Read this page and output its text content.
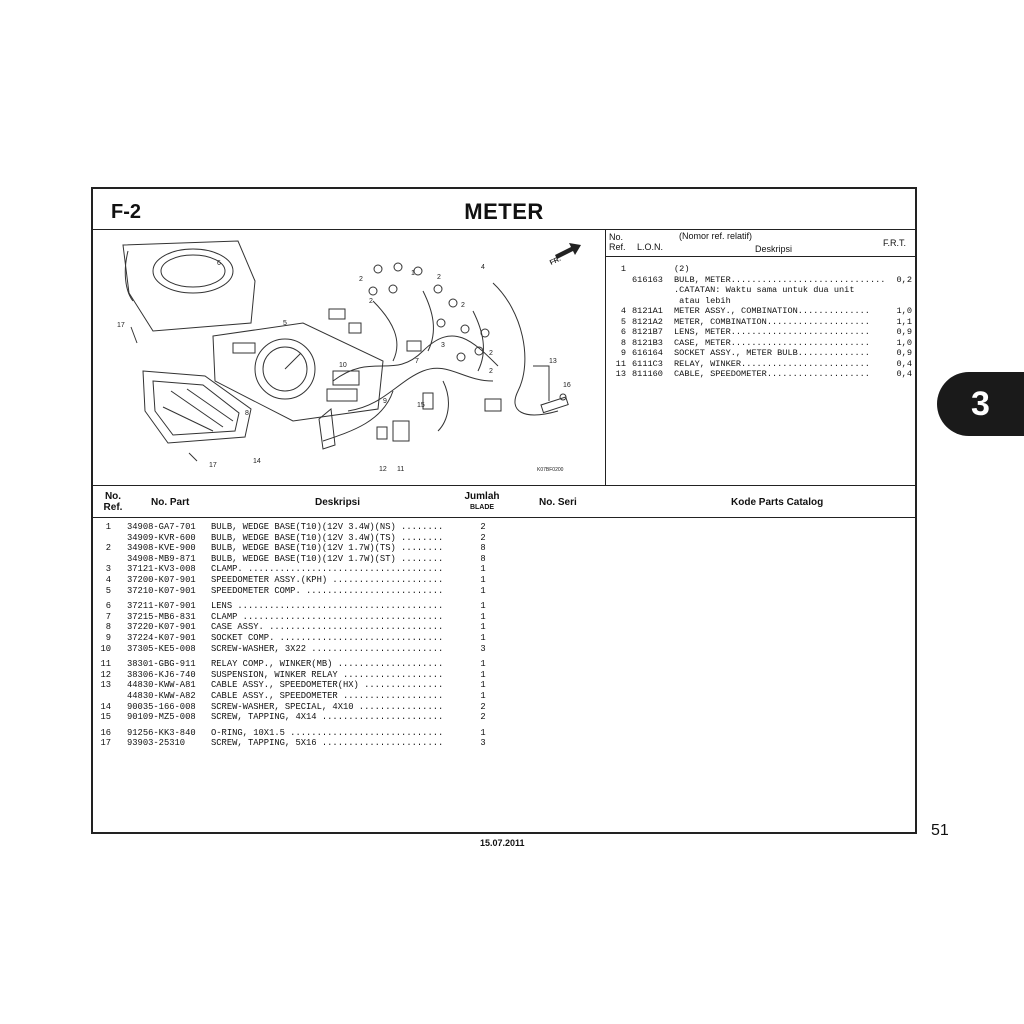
F-2	METER
6
2
1
2
4
FR.
2
2
2
17	5
3
10
7
2
13
16
9
15
8
14
17
12 11	K07BF0200
No.
Ref. L.O.N.
(Nomor ref. relatif)
Deskripsi
F.R.T.
1	(2)
616163 BULB, METER.............................. 0,2
.CATATAN: Waktu sama untuk dua unit
atau lebih
4 8121A1 METER ASSY., COMBINATION..............	1,0
5 8121A2 METER, COMBINATION....................	1,1
6 8121B7 LENS, METER...........................	0,9
8 8121B3 CASE, METER...........................	1,0
9 616164 SOCKET ASSY., METER BULB..............	0,9
11 6111C3 RELAY, WINKER.........................	0,4
13 811160 CABLE, SPEEDOMETER....................	0,4
No.
Ref.	No. Part	Deskripsi
Jumlah
BLADE	No. Seri	Kode Parts Catalog
1 34908-GA7-701 BULB, WEDGE BASE(T10)(12V 3.4W)(NS) ........	2
34909-KVR-600 BULB, WEDGE BASE(T10)(12V 3.4W)(TS) ........	2
2 34908-KVE-900 BULB, WEDGE BASE(T10)(12V 1.7W)(TS) ........	8
34908-MB9-871 BULB, WEDGE BASE(T10)(12V 1.7W)(ST) ........	8
3 37121-KV3-008 CLAMP. .....................................	1
4 37200-K07-901 SPEEDOMETER ASSY.(KPH) .....................	1
5 37210-K07-901 SPEEDOMETER COMP. ..........................	1
6 37211-K07-901 LENS .......................................	1
7 37215-MB6-831 CLAMP ......................................	1
8 37220-K07-901 CASE ASSY. .................................	1
9 37224-K07-901 SOCKET COMP. ...............................	1
10 37305-KE5-008 SCREW-WASHER, 3X22 .........................	3
11 38301-GBG-911 RELAY COMP., WINKER(MB) ....................	1
12 38306-KJ6-740 SUSPENSION, WINKER RELAY ...................	1
13 44830-KWW-A81 CABLE ASSY., SPEEDOMETER(HX) ...............	1
44830-KWW-A82 CABLE ASSY., SPEEDOMETER ...................	1
14 90035-166-008 SCREW-WASHER, SPECIAL, 4X10 ................	2
15 90109-MZ5-008 SCREW, TAPPING, 4X14 .......................	2
16 91256-KK3-840 O-RING, 10X1.5 .............................	1
17 93903-25310	SCREW, TAPPING, 5X16 .......................	3
15.07.2011
51
3
